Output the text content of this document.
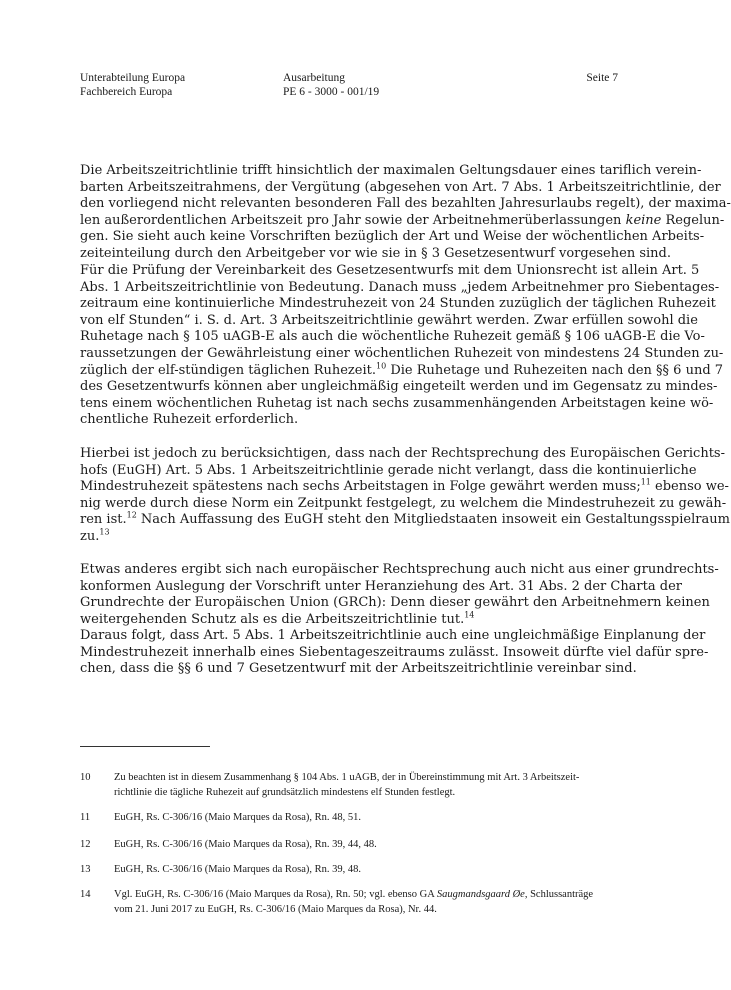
Unterabteilung Europa
Fachbereich Europa
Ausarbeitung
PE 6 - 3000 - 001/19
Seite 7
Die Arbeitszeitrichtlinie trifft hinsichtlich der maximalen Geltungsdauer eines tariflich verein-
barten Arbeitszeitrahmens, der Vergütung (abgesehen von Art. 7 Abs. 1 Arbeitszeitrichtlinie, der
den vorliegend nicht relevanten besonderen Fall des bezahlten Jahresurlaubs regelt), der maxima-
len außerordentlichen Arbeitszeit pro Jahr sowie der Arbeitnehmerüberlassungen keine Regelun-
gen. Sie sieht auch keine Vorschriften bezüglich der Art und Weise der wöchentlichen Arbeits-
zeiteinteilung durch den Arbeitgeber vor wie sie in § 3 Gesetzesentwurf vorgesehen sind.
Für die Prüfung der Vereinbarkeit des Gesetzesentwurfs mit dem Unionsrecht ist allein Art. 5
Abs. 1 Arbeitszeitrichtlinie von Bedeutung. Danach muss „jedem Arbeitnehmer pro Siebentages-
zeitraum eine kontinuierliche Mindestruhezeit von 24 Stunden zuzüglich der täglichen Ruhezeit
von elf Stunden“ i. S. d. Art. 3 Arbeitszeitrichtlinie gewährt werden. Zwar erfüllen sowohl die
Ruhetage nach § 105 uAGB-E als auch die wöchentliche Ruhezeit gemäß § 106 uAGB-E die Vo-
raussetzungen der Gewährleistung einer wöchentlichen Ruhezeit von mindestens 24 Stunden zu-
züglich der elf-stündigen täglichen Ruhezeit.$^{10}$ Die Ruhetage und Ruhezeiten nach den §§ 6 und 7
des Gesetzentwurfs können aber ungleichmäßig eingeteilt werden und im Gegensatz zu mindes-
tens einem wöchentlichen Ruhetag ist nach sechs zusammenhängenden Arbeitstagen keine wö-
chentliche Ruhezeit erforderlich.
Hierbei ist jedoch zu berücksichtigen, dass nach der Rechtsprechung des Europäischen Gerichts-
hofs (EuGH) Art. 5 Abs. 1 Arbeitszeitrichtlinie gerade nicht verlangt, dass die kontinuierliche
Mindestruhezeit spätestens nach sechs Arbeitstagen in Folge gewährt werden muss;$^{11}$ ebenso we-
nig werde durch diese Norm ein Zeitpunkt festgelegt, zu welchem die Mindestruhezeit zu gewäh-
ren ist.$^{12}$ Nach Auffassung des EuGH steht den Mitgliedstaaten insoweit ein Gestaltungsspielraum
zu.$^{13}$
Etwas anderes ergibt sich nach europäischer Rechtsprechung auch nicht aus einer grundrechts-
konformen Auslegung der Vorschrift unter Heranziehung des Art. 31 Abs. 2 der Charta der
Grundrechte der Europäischen Union (GRCh): Denn dieser gewährt den Arbeitnehmern keinen
weitergehenden Schutz als es die Arbeitszeitrichtlinie tut.$^{14}$
Daraus folgt, dass Art. 5 Abs. 1 Arbeitszeitrichtlinie auch eine ungleichmäßige Einplanung der
Mindestruhezeit innerhalb eines Siebentageszeitraums zulässt. Insoweit dürfte viel dafür spre-
chen, dass die §§ 6 und 7 Gesetzentwurf mit der Arbeitszeitrichtlinie vereinbar sind.
10 Zu beachten ist in diesem Zusammenhang § 104 Abs. 1 uAGB, der in Übereinstimmung mit Art. 3 Arbeitszeit-
richtlinie die tägliche Ruhezeit auf grundsätzlich mindestens elf Stunden festlegt.
11 EuGH, Rs. C-306/16 (Maio Marques da Rosa), Rn. 48, 51.
12 EuGH, Rs. C-306/16 (Maio Marques da Rosa), Rn. 39, 44, 48.
13 EuGH, Rs. C-306/16 (Maio Marques da Rosa), Rn. 39, 48.
14 Vgl. EuGH, Rs. C-306/16 (Maio Marques da Rosa), Rn. 50; vgl. ebenso GA Saugmandsgaard Øe, Schlussanträge
vom 21. Juni 2017 zu EuGH, Rs. C-306/16 (Maio Marques da Rosa), Nr. 44.
